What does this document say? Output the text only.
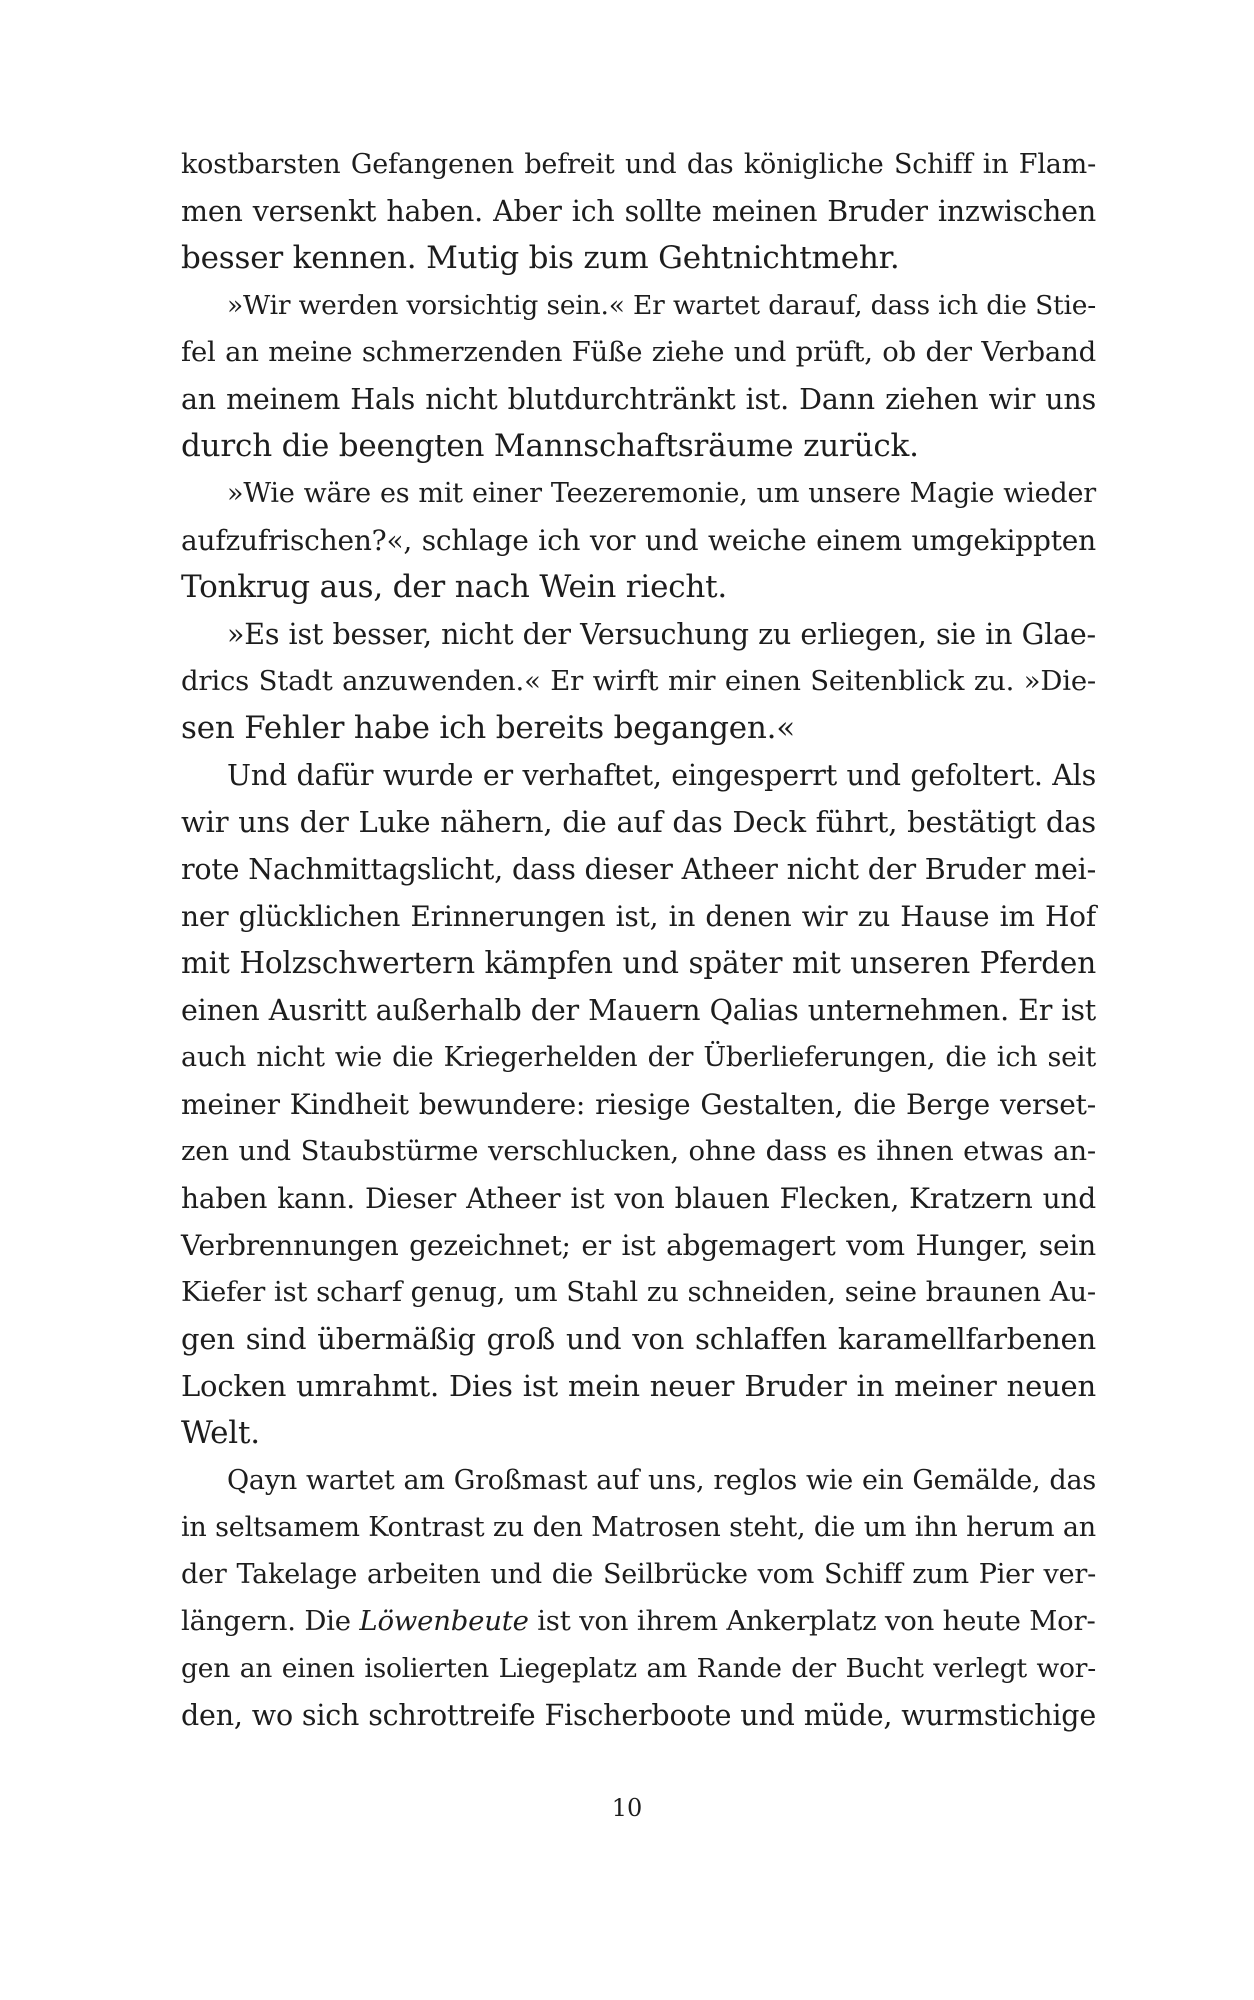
kostbarsten Gefangenen befreit und das königliche Schiff in Flam-
men versenkt haben. Aber ich sollte meinen Bruder inzwischen
besser kennen. Mutig bis zum Gehtnichtmehr.
»Wir werden vorsichtig sein.« Er wartet darauf, dass ich die Stie-
fel an meine schmerzenden Füße ziehe und prüft, ob der Verband
an meinem Hals nicht blutdurchtränkt ist. Dann ziehen wir uns
durch die beengten Mannschaftsräume zurück.
»Wie wäre es mit einer Teezeremonie, um unsere Magie wieder
aufzufrischen?«, schlage ich vor und weiche einem umgekippten
Tonkrug aus, der nach Wein riecht.
»Es ist besser, nicht der Versuchung zu erliegen, sie in Glae-
drics Stadt anzuwenden.« Er wirft mir einen Seitenblick zu. »Die-
sen Fehler habe ich bereits begangen.«
Und dafür wurde er verhaftet, eingesperrt und gefoltert. Als
wir uns der Luke nähern, die auf das Deck führt, bestätigt das
rote Nachmittagslicht, dass dieser Atheer nicht der Bruder mei-
ner glücklichen Erinnerungen ist, in denen wir zu Hause im Hof
mit Holzschwertern kämpfen und später mit unseren Pferden
einen Ausritt außerhalb der Mauern Qalias unternehmen. Er ist
auch nicht wie die Kriegerhelden der Überlieferungen, die ich seit
meiner Kindheit bewundere: riesige Gestalten, die Berge verset-
zen und Staubstürme verschlucken, ohne dass es ihnen etwas an-
haben kann. Dieser Atheer ist von blauen Flecken, Kratzern und
Verbrennungen gezeichnet; er ist abgemagert vom Hunger, sein
Kiefer ist scharf genug, um Stahl zu schneiden, seine braunen Au-
gen sind übermäßig groß und von schlaffen karamellfarbenen
Locken umrahmt. Dies ist mein neuer Bruder in meiner neuen
Welt.
Qayn wartet am Großmast auf uns, reglos wie ein Gemälde, das
in seltsamem Kontrast zu den Matrosen steht, die um ihn herum an
der Takelage arbeiten und die Seilbrücke vom Schiff zum Pier ver-
längern. Die Löwenbeute ist von ihrem Ankerplatz von heute Mor-
gen an einen isolierten Liegeplatz am Rande der Bucht verlegt wor-
den, wo sich schrottreife Fischerboote und müde, wurmstichige
10
